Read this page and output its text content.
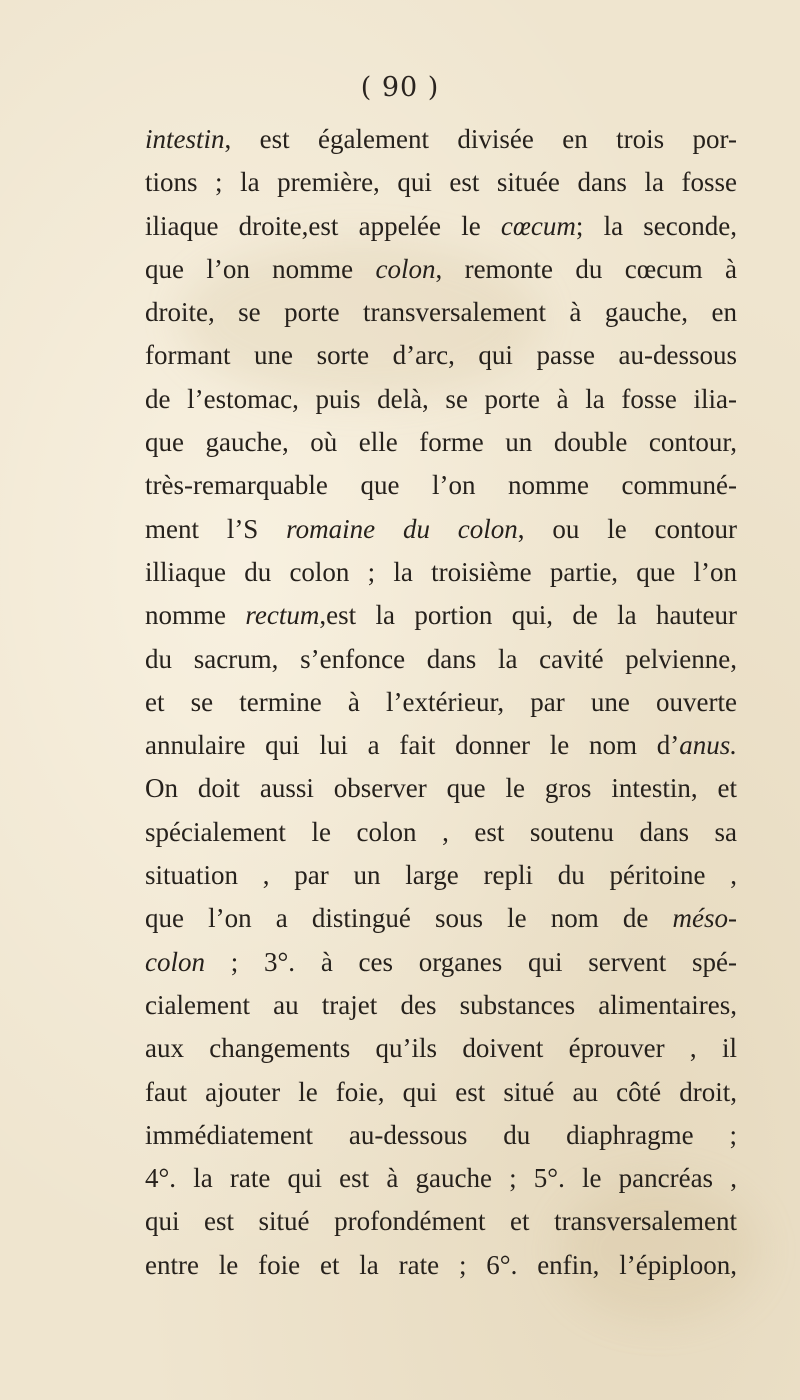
( 90 )
intestin, est également divisée en trois por-
tions ; la première, qui est située dans la fosse
iliaque droite,est appelée le cœcum; la seconde,
que l’on nomme colon, remonte du cœcum à
droite, se porte transversalement à gauche, en
formant une sorte d’arc, qui passe au-dessous
de l’estomac, puis delà, se porte à la fosse ilia-
que gauche, où elle forme un double contour,
très-remarquable que l’on nomme communé-
ment l’S romaine du colon, ou le contour
illiaque du colon ; la troisième partie, que l’on
nomme rectum,est la portion qui, de la hauteur
du sacrum, s’enfonce dans la cavité pelvienne,
et se termine à l’extérieur, par une ouverte
annulaire qui lui a fait donner le nom d’anus.
On doit aussi observer que le gros intestin, et
spécialement le colon , est soutenu dans sa
situation , par un large repli du péritoine ,
que l’on a distingué sous le nom de méso-
colon ; 3°. à ces organes qui servent spé-
cialement au trajet des substances alimentaires,
aux changements qu’ils doivent éprouver , il
faut ajouter le foie, qui est situé au côté droit,
immédiatement au-dessous du diaphragme ;
4°. la rate qui est à gauche ; 5°. le pancréas ,
qui est situé profondément et transversalement
entre le foie et la rate ; 6°. enfin, l’épiploon,
